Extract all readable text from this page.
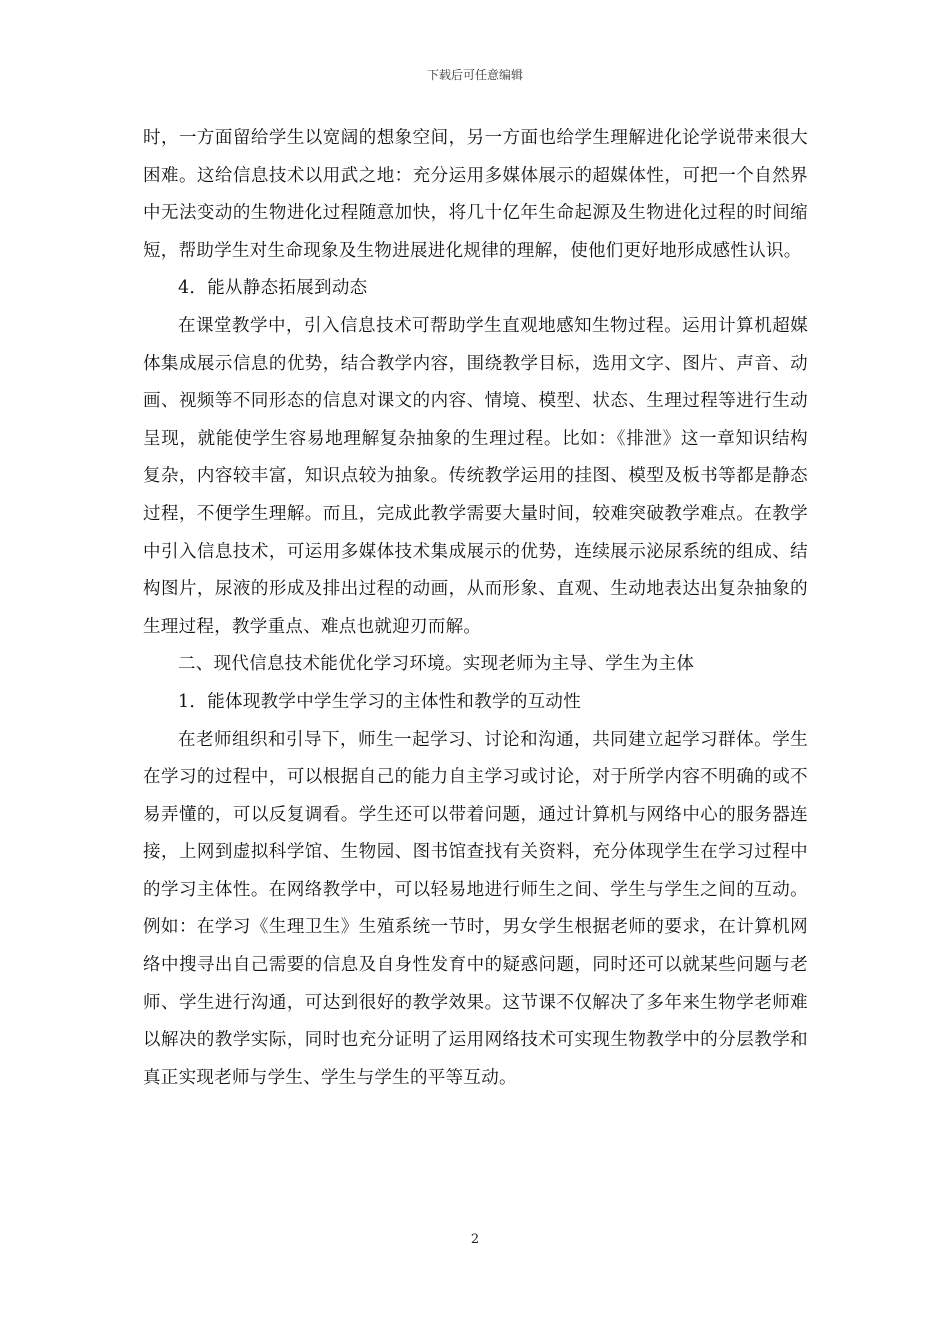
下载后可任意编辑

时，一方面留给学生以宽阔的想象空间，另一方面也给学生理解进化论学说带来很大困难。这给信息技术以用武之地：充分运用多媒体展示的超媒体性，可把一个自然界中无法变动的生物进化过程随意加快，将几十亿年生命起源及生物进化过程的时间缩短，帮助学生对生命现象及生物进展进化规律的理解，使他们更好地形成感性认识。

4．能从静态拓展到动态

在课堂教学中，引入信息技术可帮助学生直观地感知生物过程。运用计算机超媒体集成展示信息的优势，结合教学内容，围绕教学目标，选用文字、图片、声音、动画、视频等不同形态的信息对课文的内容、情境、模型、状态、生理过程等进行生动呈现，就能使学生容易地理解复杂抽象的生理过程。比如：《排泄》这一章知识结构复杂，内容较丰富，知识点较为抽象。传统教学运用的挂图、模型及板书等都是静态过程，不便学生理解。而且，完成此教学需要大量时间，较难突破教学难点。在教学中引入信息技术，可运用多媒体技术集成展示的优势，连续展示泌尿系统的组成、结构图片，尿液的形成及排出过程的动画，从而形象、直观、生动地表达出复杂抽象的生理过程，教学重点、难点也就迎刃而解。

二、现代信息技术能优化学习环境。实现老师为主导、学生为主体

1．能体现教学中学生学习的主体性和教学的互动性

在老师组织和引导下，师生一起学习、讨论和沟通，共同建立起学习群体。学生在学习的过程中，可以根据自己的能力自主学习或讨论，对于所学内容不明确的或不易弄懂的，可以反复调看。学生还可以带着问题，通过计算机与网络中心的服务器连接，上网到虚拟科学馆、生物园、图书馆查找有关资料，充分体现学生在学习过程中的学习主体性。在网络教学中，可以轻易地进行师生之间、学生与学生之间的互动。例如：在学习《生理卫生》生殖系统一节时，男女学生根据老师的要求，在计算机网络中搜寻出自己需要的信息及自身性发育中的疑惑问题，同时还可以就某些问题与老师、学生进行沟通，可达到很好的教学效果。这节课不仅解决了多年来生物学老师难以解决的教学实际，同时也充分证明了运用网络技术可实现生物教学中的分层教学和真正实现老师与学生、学生与学生的平等互动。

2
